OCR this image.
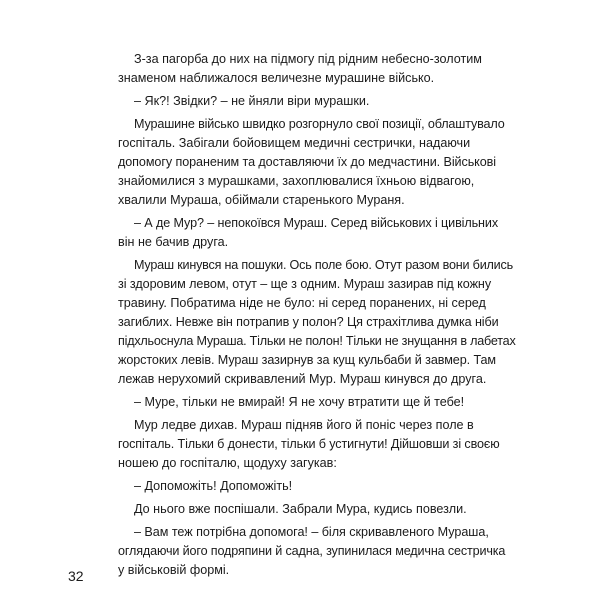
З-за пагорба до них на підмогу під рідним небесно-золотим
знаменом наближалося величезне мурашине військо.

– Як?! Звідки? – не йняли віри мурашки.

Мурашине військо швидко розгорнуло свої позиції, облаштувало
госпіталь. Забігали бойовищем медичні сестрички, надаючи
допомогу пораненим та доставляючи їх до медчастини. Військові
знайомилися з мурашками, захоплювалися їхньою відвагою,
хвалили Мураша, обіймали старенького Мураня.

– А де Мур? – непокоївся Мураш. Серед військових і цивільних
він не бачив друга.

Мураш кинувся на пошуки. Ось поле бою. Отут разом вони бились
зі здоровим левом, отут – ще з одним. Мураш зазирав під кожну
травину. Побратима ніде не було: ні серед поранених, ні серед
загиблих. Невже він потрапив у полон? Ця страхітлива думка ніби
підхльоснула Мураша. Тільки не полон! Тільки не знущання в лабетах
жорстоких левів. Мураш зазирнув за кущ кульбаби й завмер. Там
лежав нерухомий скривавлений Мур. Мураш кинувся до друга.

– Муре, тільки не вмирай! Я не хочу втратити ще й тебе!

Мур ледве дихав. Мураш підняв його й поніс через поле в
госпіталь. Тільки б донести, тільки б устигнути! Дійшовши зі своєю
ношею до госпіталю, щодуху загукав:

– Допоможіть! Допоможіть!

До нього вже поспішали. Забрали Мура, кудись повезли.

– Вам теж потрібна допомога! – біля скривавленого Мураша,
оглядаючи його подряпини й садна, зупинилася медична сестричка
у військовій формі.

32
